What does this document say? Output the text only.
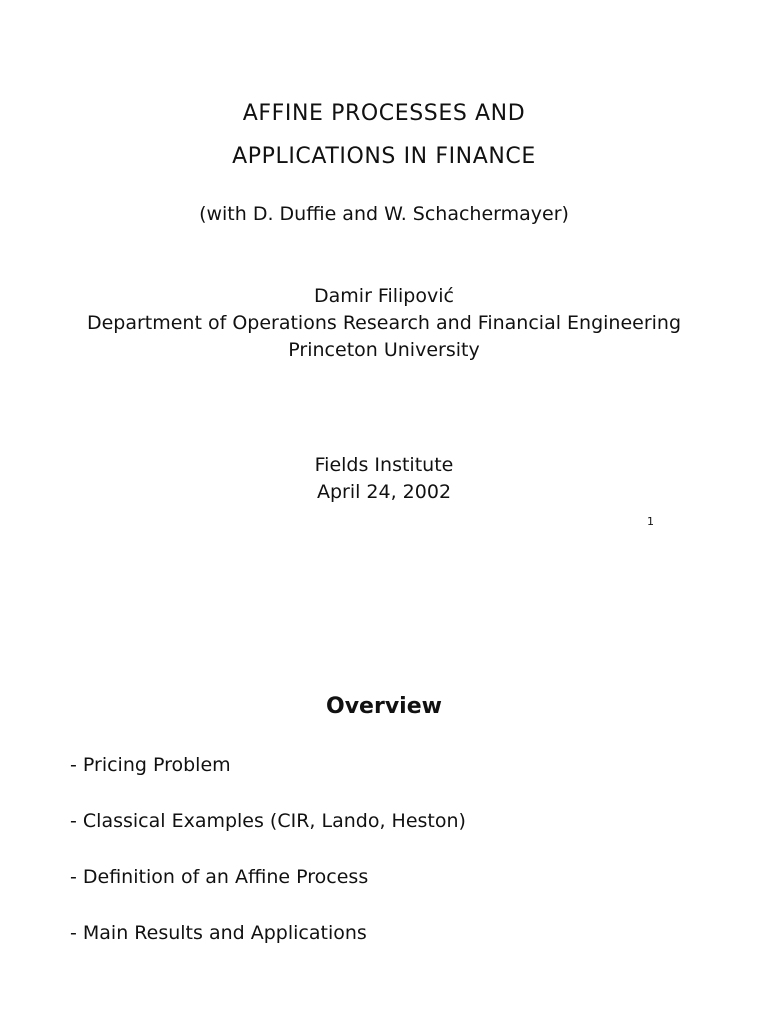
AFFINE PROCESSES AND
APPLICATIONS IN FINANCE
(with D. Duffie and W. Schachermayer)
Damir Filipović
Department of Operations Research and Financial Engineering
Princeton University
Fields Institute
April 24, 2002
1
Overview
- Pricing Problem
- Classical Examples (CIR, Lando, Heston)
- Definition of an Affine Process
- Main Results and Applications
